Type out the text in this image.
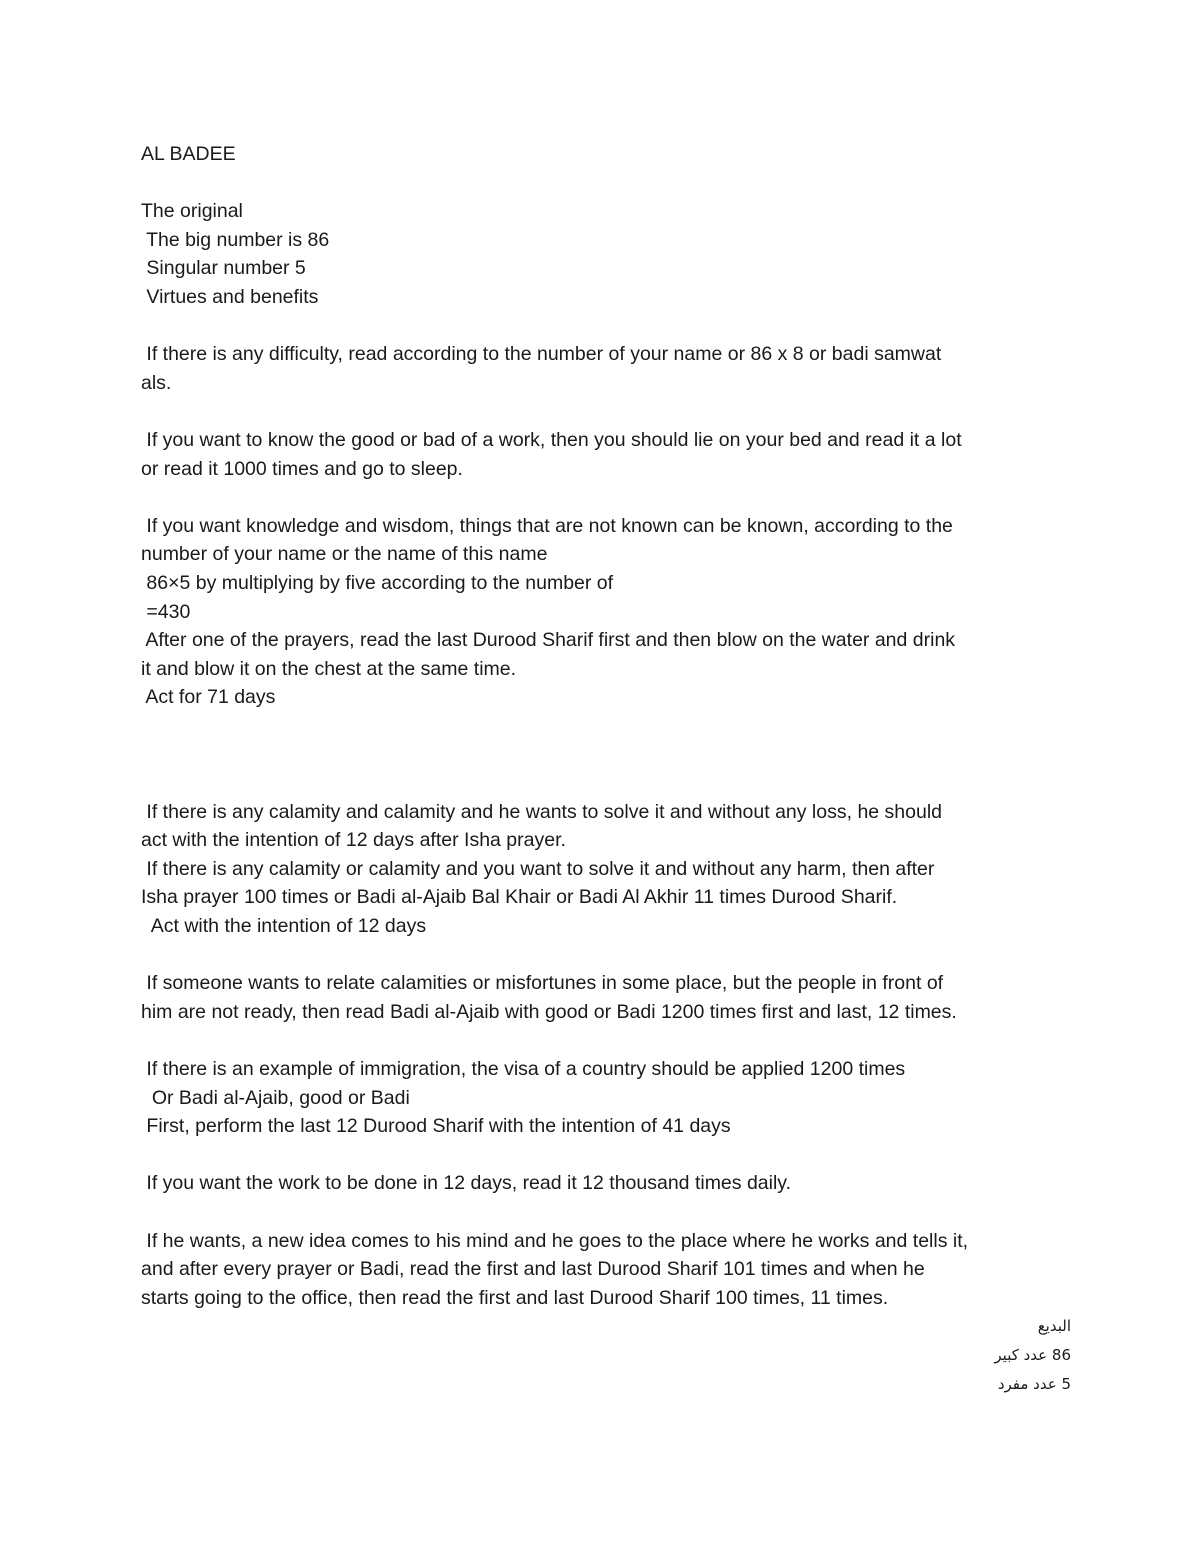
AL BADEE
The original
The big number is 86
Singular number 5
Virtues and benefits
If there is any difficulty, read according to the number of your name or 86 x 8 or badi samwat
als.
If you want to know the good or bad of a work, then you should lie on your bed and read it a lot
or read it 1000 times and go to sleep.
If you want knowledge and wisdom, things that are not known can be known, according to the
number of your name or the name of this name
86×5 by multiplying by five according to the number of
=430
After one of the prayers, read the last Durood Sharif first and then blow on the water and drink
it and blow it on the chest at the same time.
Act for 71 days
If there is any calamity and calamity and he wants to solve it and without any loss, he should
act with the intention of 12 days after Isha prayer.
If there is any calamity or calamity and you want to solve it and without any harm, then after
Isha prayer 100 times or Badi al-Ajaib Bal Khair or Badi Al Akhir 11 times Durood Sharif.
Act with the intention of 12 days
If someone wants to relate calamities or misfortunes in some place, but the people in front of
him are not ready, then read Badi al-Ajaib with good or Badi 1200 times first and last, 12 times.
If there is an example of immigration, the visa of a country should be applied 1200 times
Or Badi al-Ajaib, good or Badi
First, perform the last 12 Durood Sharif with the intention of 41 days
If you want the work to be done in 12 days, read it 12 thousand times daily.
If he wants, a new idea comes to his mind and he goes to the place where he works and tells it,
and after every prayer or Badi, read the first and last Durood Sharif 101 times and when he
starts going to the office, then read the first and last Durood Sharif 100 times, 11 times.
البديع
86 عدد كبير
5 عدد مفرد
